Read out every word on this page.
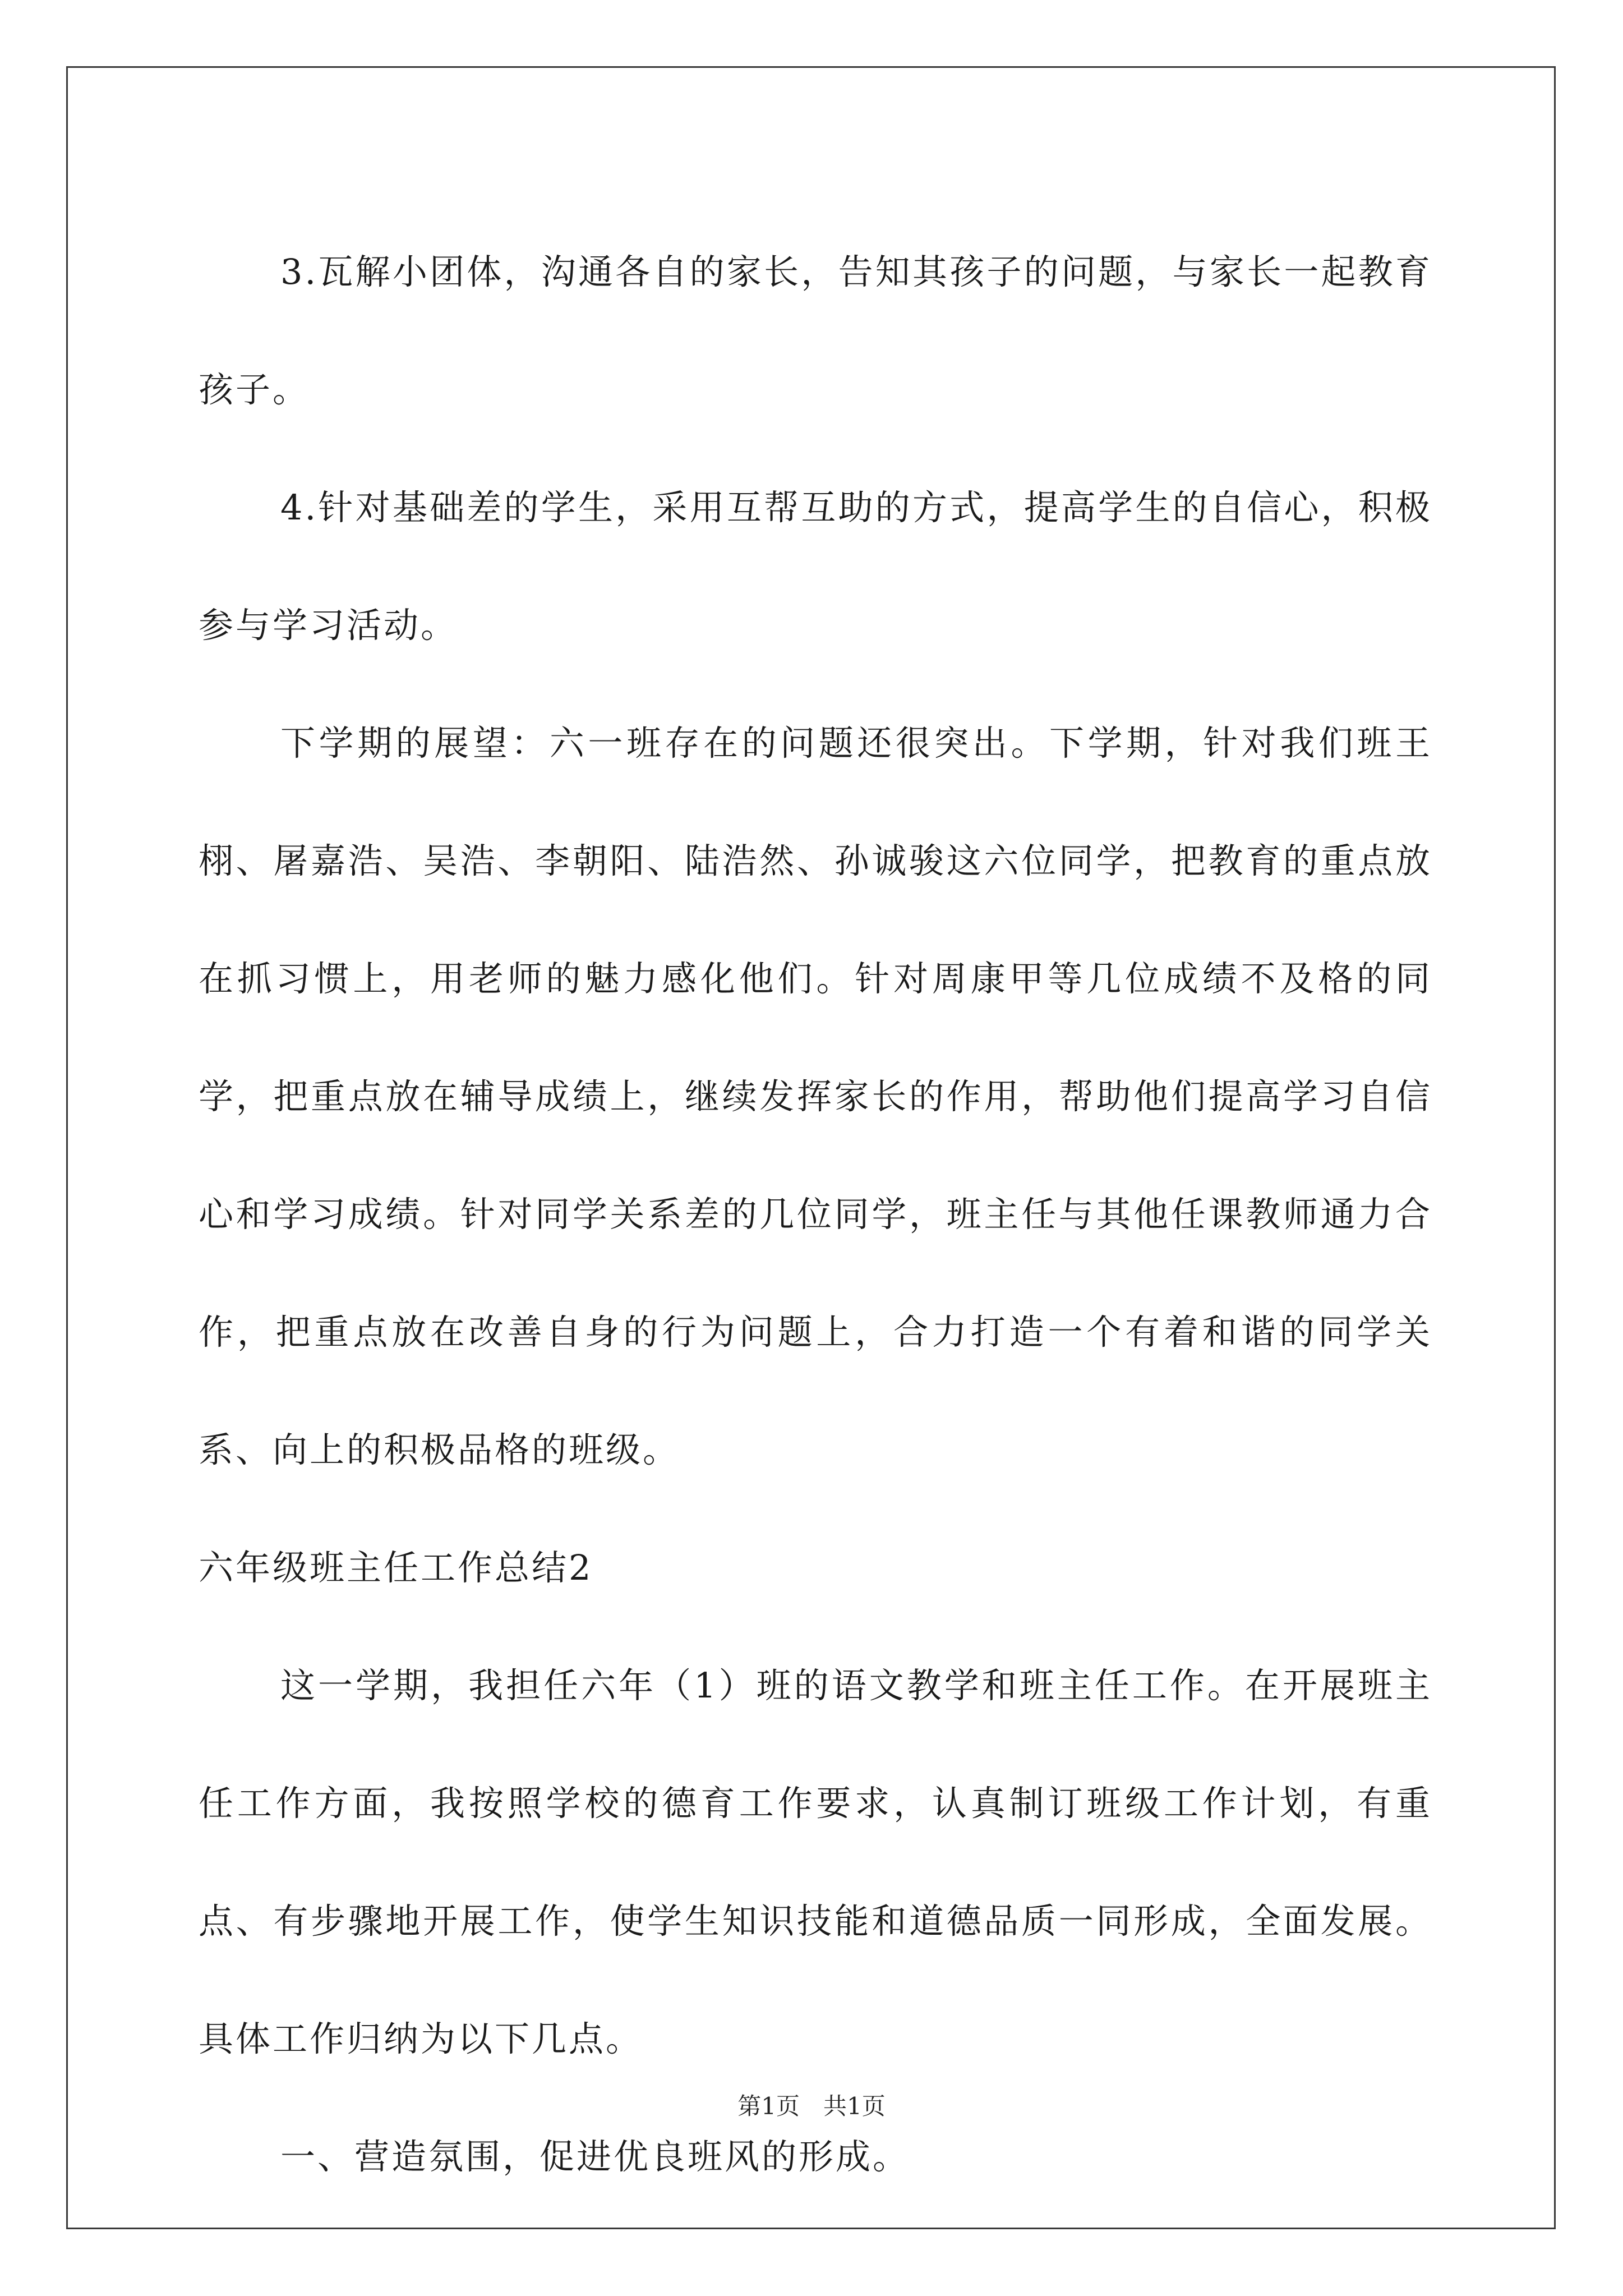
3.瓦解小团体，沟通各自的家长，告知其孩子的问题，与家长一起教育孩子。

4.针对基础差的学生，采用互帮互助的方式，提高学生的自信心，积极参与学习活动。

下学期的展望：六一班存在的问题还很突出。下学期，针对我们班王栩、屠嘉浩、吴浩、李朝阳、陆浩然、孙诚骏这六位同学，把教育的重点放在抓习惯上，用老师的魅力感化他们。针对周康甲等几位成绩不及格的同学，把重点放在辅导成绩上，继续发挥家长的作用，帮助他们提高学习自信心和学习成绩。针对同学关系差的几位同学，班主任与其他任课教师通力合作，把重点放在改善自身的行为问题上，合力打造一个有着和谐的同学关系、向上的积极品格的班级。

六年级班主任工作总结2

这一学期，我担任六年（1）班的语文教学和班主任工作。在开展班主任工作方面，我按照学校的德育工作要求，认真制订班级工作计划，有重点、有步骤地开展工作，使学生知识技能和道德品质一同形成，全面发展。具体工作归纳为以下几点。

一、营造氛围，促进优良班风的形成。

第1页　共1页
